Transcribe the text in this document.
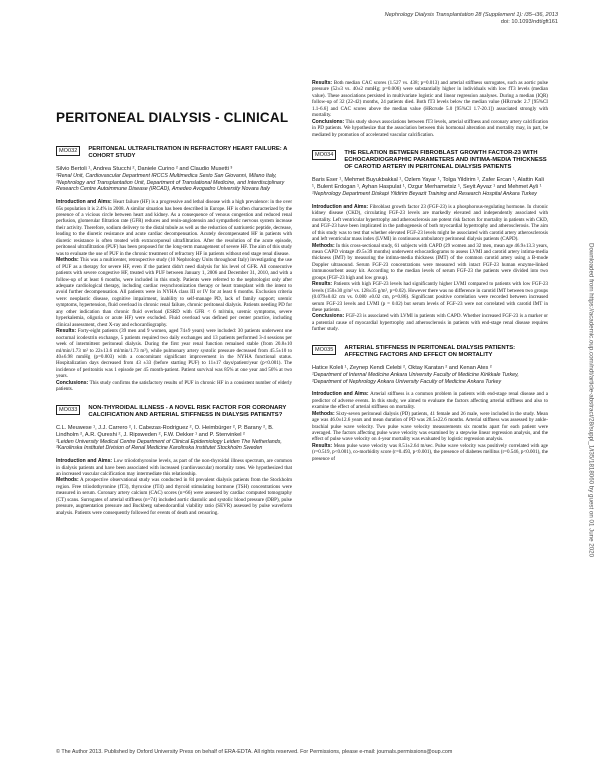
Nephrology Dialysis Transplantation 28 (Supplement 1): i35–i36, 2013
doi: 10.1093/ndt/gft161
PERITONEAL DIALYSIS - CLINICAL
MO032	PERITONEAL ULTRAFILTRATION IN REFRACTORY HEART FAILURE: A COHORT STUDY

Silvio Bertoli ¹, Andrea Stucchi ², Daniele Curino ² and Claudio Musetti ³

¹Renal Unit, Cardiovascular Department IRCCS Multimedica Sesto San Giovanni, Milano Italy, ²Nephrology and Transplantation Unit, Department of Translational Medicine, and Interdisciplinary Research Centre Autoimmune Disease (IRCAD), Amedeo Avogadro University Novara Italy

Introduction and Aims: Heart failure (HF) is a progressive and lethal disease with a high prevalence: in the over 65s population it is 2.4% in 2008. A similar situation has been described in Europe. HF is often characterized by the presence of a vicious circle between heart and kidney. As a consequence of venous congestion and reduced renal perfusion, glomerular filtration rate (GFR) reduces and renin-angiotensin and sympathetic nervous system increase their activity. Therefore, sodium delivery to the distal tubule as well as the reduction of natriuretic peptide, decrease, leading to the diuretic resistance and acute cardiac decompensation. Acutely decompensated HF in patients with diuretic resistance is often treated with extracorporeal ultrafiltration. After the resolution of the acute episode, peritoneal ultrafiltration (PUF) has been proposed for the long-term management of severe HF. The aim of this study was to evaluate the use of PUF in the chronic treatment of refractory HF in patients without end stage renal disease.

Methods: This was a multicenter, retrospective study (10 Nephrology Units throughout Italy) investigating the use of PUF as a therapy for severe HF, even if the patient didn't need dialysis for his level of GFR. All consecutive patients with severe congestive HF, treated with PUF between January 1, 2006 and December 31, 2010, and with a follow-up of at least 6 months, were included in this study. Patients were referred to the nephrologist only after adequate cardiological therapy, including cardiac resynchronization therapy or heart transplant with the intent to avoid further decompensation. All patients were in NYHA class III or IV for at least 6 months. Exclusion criteria were: neoplastic disease, cognitive impairment, inability to self-manage PD, lack of family support; uremic symptoms, hypertension, fluid overload in chronic renal failure, chronic peritoneal dialysis. Patients needing PD for any other indication than chronic fluid overload (ESRD with GFR < 6 ml/min, uremic symptoms, severe hyperkalemia, oliguria or acute HF) were excluded. Fluid overload was defined per center practice, including clinical assessment, chest X-ray and echocardiography.

Results: Forty-eight patients (39 men and 9 women, aged 74±9 years) were included: 30 patients underwent one nocturnal icodextrin exchange, 5 patients required two daily exchanges and 13 patients performed 3-4 sessions per week of intermittent peritoneal dialysis. During the first year renal function remained stable (from 20.8±10 ml/min/1.73 m² to 22±13.6 ml/min/1.73 m²), while pulmonary artery systolic pressure decreased from 45.5±10 to 40±6.98 mmHg (p=0.003) with a concomitant significant improvement in the NYHA functional status. Hospitalization days decreased from 43 ±33 (before starting PUF) to 11±17 days/patient/year (p<0.001). The incidence of peritonitis was 1 episode per 45 month-patient. Patient survival was 85% at one year and 56% at two years.

Conclusions: This study confirms the satisfactory results of PUF in chronic HF in a consistent number of elderly patients.

MO033	NON-THYROIDAL ILLNESS - A NOVEL RISK FACTOR FOR CORONARY CALCIFICATION AND ARTERIAL STIFFNESS IN DIALYSIS PATIENTS?

C.L. Meuwese ¹, J.J. Carrero ², I. Cabezas-Rodriguez ², O. Heimbürger ², P. Barany ², B. Lindholm ², A.R. Qureshi ², J. Ripsweden ², F.W. Dekker ¹ and P. Stenvinkel ²

¹Leiden University Medical Centre Department of Clinical Epidemiology Leiden The Netherlands, ²Karolinska Institutet Division of Renal Medicine Karolinska Institutet Stockholm Sweden

Introduction and Aims: Low triiodothyronine levels, as part of the non-thyroidal illness spectrum, are common in dialysis patients and have been associated with increased (cardiovascular) mortality rates. We hypothesized that an increased vascular calcification may intermediate this relationship.

Methods: A prospective observational study was conducted in 84 prevalent dialysis patients from the Stockholm region. Free triiodothyronine (fT3), thyroxine (fT4) and thyroid stimulating hormone (TSH) concentrations were measured in serum. Coronary artery calcium (CAC) scores (n=66) were assessed by cardiac computed tomography (CT) scans. Surrogates of arterial stiffness (n=74) included aortic diastolic and systolic blood pressure (DBP), pulse pressure, augmentation pressure and Buckberg subendocardial viability ratio (SEVR) assessed by pulse waveform analysis. Patients were consequently followed for events of death and censoring.

Results: Both median CAC scores (1.527 vs. 438; p=0.013) and arterial stiffness surrogates, such as aortic pulse pressure (52±3 vs. 40±2 mmHg; p=0.006) were substantially higher in individuals with low fT3 levels (median value). These associations persisted in multivariate logistic and linear regression analyses. During a median (IQR) follow-up of 32 (22-42) months, 24 patients died. Both fT3 levels below the median value (HRcrude: 2.7 [95%CI 1.1-6.6] and CAC scores above the median value (HRcrude 5.0 [95%CI 1.7-20.1]) associated strongly with mortality.

Conclusions: This study shows associations between fT3 levels, arterial stiffness and coronary artery calcification in PD patients. We hypothesize that the association between this hormonal alteration and mortality may, in part, be mediated by promotion of accelerated vascular calcification.

MO034	THE RELATION BETWEEN FIBROBLAST GROWTH FACTOR-23 WITH ECHOCARDIOGRAPHIC PARAMETERS AND INTIMA-MEDIA THICKNESS OF CAROTID ARTERY IN PERITONEAL DIALYSIS PATIENTS

Baris Eser ¹, Mehmet Buyukbakkal ¹, Ozlem Yayar ¹, Tolga Yildirim ¹, Zafer Ercan ¹, Alattin Kali ¹, Bulent Erdogan ¹, Ayhan Haspulat ¹, Ozgur Merhametsiz ¹, Seyit Ayvaz ¹ and Mehmet Ayli ¹

¹Nephrology Department Diskapi Yildirim Beyazit Training and Research Hospital Ankara Turkey

Introduction and Aims: Fibroblast growth factor 23 (FGF-23) is a phosphorous-regulating hormone. In chronic kidney disease (CKD), circulating FGF-23 levels are markedly elevated and independently associated with mortality. Left ventricular hypertrophy and atherosclerosis are potent risk factors for mortality in patients with CKD, and FGF-23 have been implicated in the pathogenesis of both myocardial hypertrophy and atherosclerosis. The aim of this study was to test that whether elevated FGF-23 levels might be associated with carotid artery atherosclerosis and left ventricular mass index (LVMI) in continuous ambulatory peritoneal dialysis patients (CAPD).

Methods: In this cross-sectional study, 61 subjects with CAPD (29 women and 32 men, mean age 46.9±13.3 years, mean CAPD vintage 49.5±39 months) underwent echocardiograms to assess LVMI and carotid artery intima-media thickness (IMT) by measuring the intima-media thickness (IMT) of the common carotid artery using a B-mode Doppler ultrasound. Serum FGF-23 concentrations were measured with intact FGF-23 human enzyme-linked immunosorbent assay kit. According to the median levels of serum FGF-23 the patients were divided into two groups (FGF-23 high and low group).

Results: Patients with high FGF-23 levels had significantly higher LVMI compared to patients with low FGF-23 levels (150±30 g/m² vs. 128±35 g/m², p=0.02). However there was no difference in carotid IMT between two groups (0.079±0.02 cm vs. 0.080 ±0.02 cm, p=0.86). Significant positive correlation were recorded between increased serum FGF-23 levels and LVMI (p = 0.02) but serum levels of FGF-23 were not correlated with carotid IMT in these patients.

Conclusions: FGF-23 is associated with LVMI in patients with CAPD. Whether increased FGF-23 is a marker or a potential cause of myocardial hypertrophy and atherosclerosis in patients with end-stage renal disease requires further study.

MO035	ARTERIAL STIFFNESS IN PERITONEAL DIALYSIS PATIENTS: AFFECTING FACTORS AND EFFECT ON MORTALITY

Hatice Koleli ¹, Zeynep Kendi Celebi ², Oktay Karatan ² and Kenan Ates ²

¹Department of Internal Medicine Ankara University Faculty of Medicine Kirikkale Turkey, ²Department of Nephrology Ankara University Faculty of Medicine Ankara Turkey

Introduction and Aims: Arterial stiffness is a common problem in patients with end-stage renal disease and a predictor of adverse events. In this study, we aimed to evaluate the factors affecting arterial stiffness and also to examine the effect of arterial stiffness on mortality.

Methods: Sixty-seven peritoneal dialysis (PD) patients, 41 female and 26 male, were included in the study. Mean age was 46.0±12.6 years and mean duration of PD was 28.5±22.6 months. Arterial stiffness was assessed by ankle-brachial pulse wave velocity. Two pulse wave velocity measurements six months apart for each patient were averaged. The factors affecting pulse wave velocity was examined by a stepwise linear regression analysis, and the effect of pulse wave velocity on 4-year mortality was evaluated by logistic regression analysis.

Results: Mean pulse wave velocity was 8.51±2.64 m/sec. Pulse wave velocity was positively correlated with age (r=0.519, p<0.001), co-morbidity score (r=0.493, p<0.001), the presence of diabetes mellitus (r=0.546, p<0.001), the presence of	Downloaded from https://academic.oup.com/ndt/article-abstract/28/suppl_1/i35/1818060 by guest on 01 June 2020
© The Author 2013. Published by Oxford University Press on behalf of ERA-EDTA. All rights reserved. For Permissions, please e-mail: journals.permissions@oup.com
